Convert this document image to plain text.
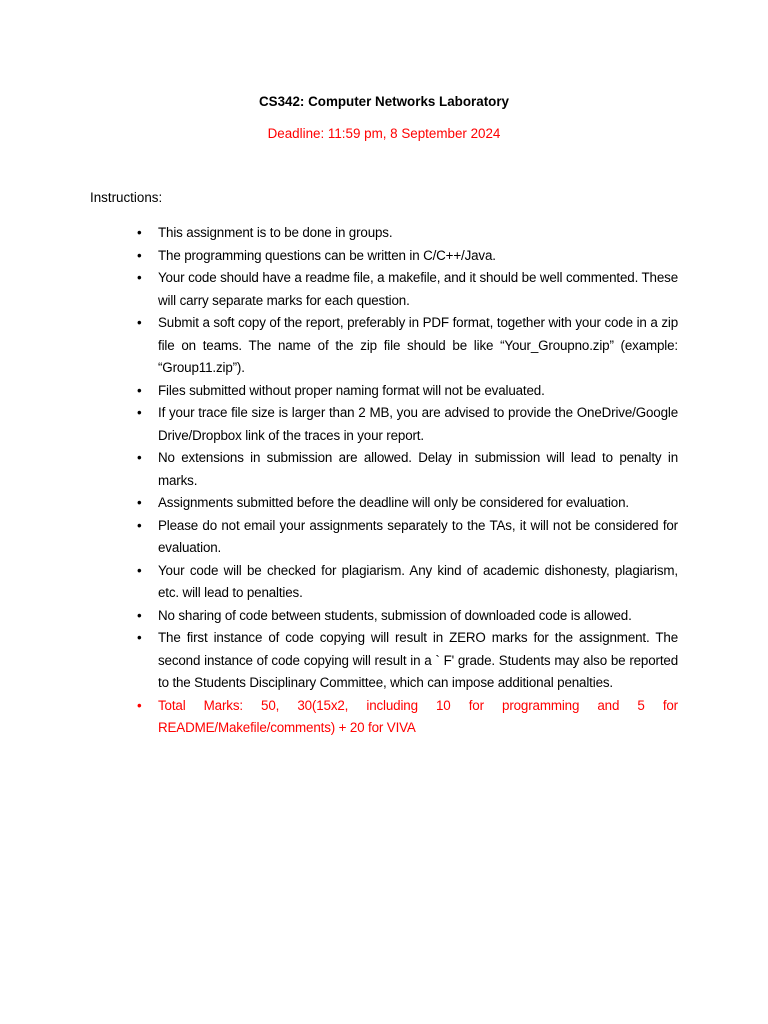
CS342: Computer Networks Laboratory
Deadline: 11:59 pm, 8 September 2024
Instructions:
• This assignment is to be done in groups.
• The programming questions can be written in C/C++/Java.
• Your code should have a readme file, a makefile, and it should be well commented. These will carry separate marks for each question.
• Submit a soft copy of the report, preferably in PDF format, together with your code in a zip file on teams. The name of the zip file should be like “Your_Groupno.zip” (example: “Group11.zip”).
• Files submitted without proper naming format will not be evaluated.
• If your trace file size is larger than 2 MB, you are advised to provide the OneDrive/Google Drive/Dropbox link of the traces in your report.
• No extensions in submission are allowed. Delay in submission will lead to penalty in marks.
• Assignments submitted before the deadline will only be considered for evaluation.
• Please do not email your assignments separately to the TAs, it will not be considered for evaluation.
• Your code will be checked for plagiarism. Any kind of academic dishonesty, plagiarism, etc. will lead to penalties.
• No sharing of code between students, submission of downloaded code is allowed.
• The first instance of code copying will result in ZERO marks for the assignment. The second instance of code copying will result in a ` F' grade. Students may also be reported to the Students Disciplinary Committee, which can impose additional penalties.
• Total Marks: 50, 30(15x2, including 10 for programming and 5 for README/Makefile/comments) + 20 for VIVA
